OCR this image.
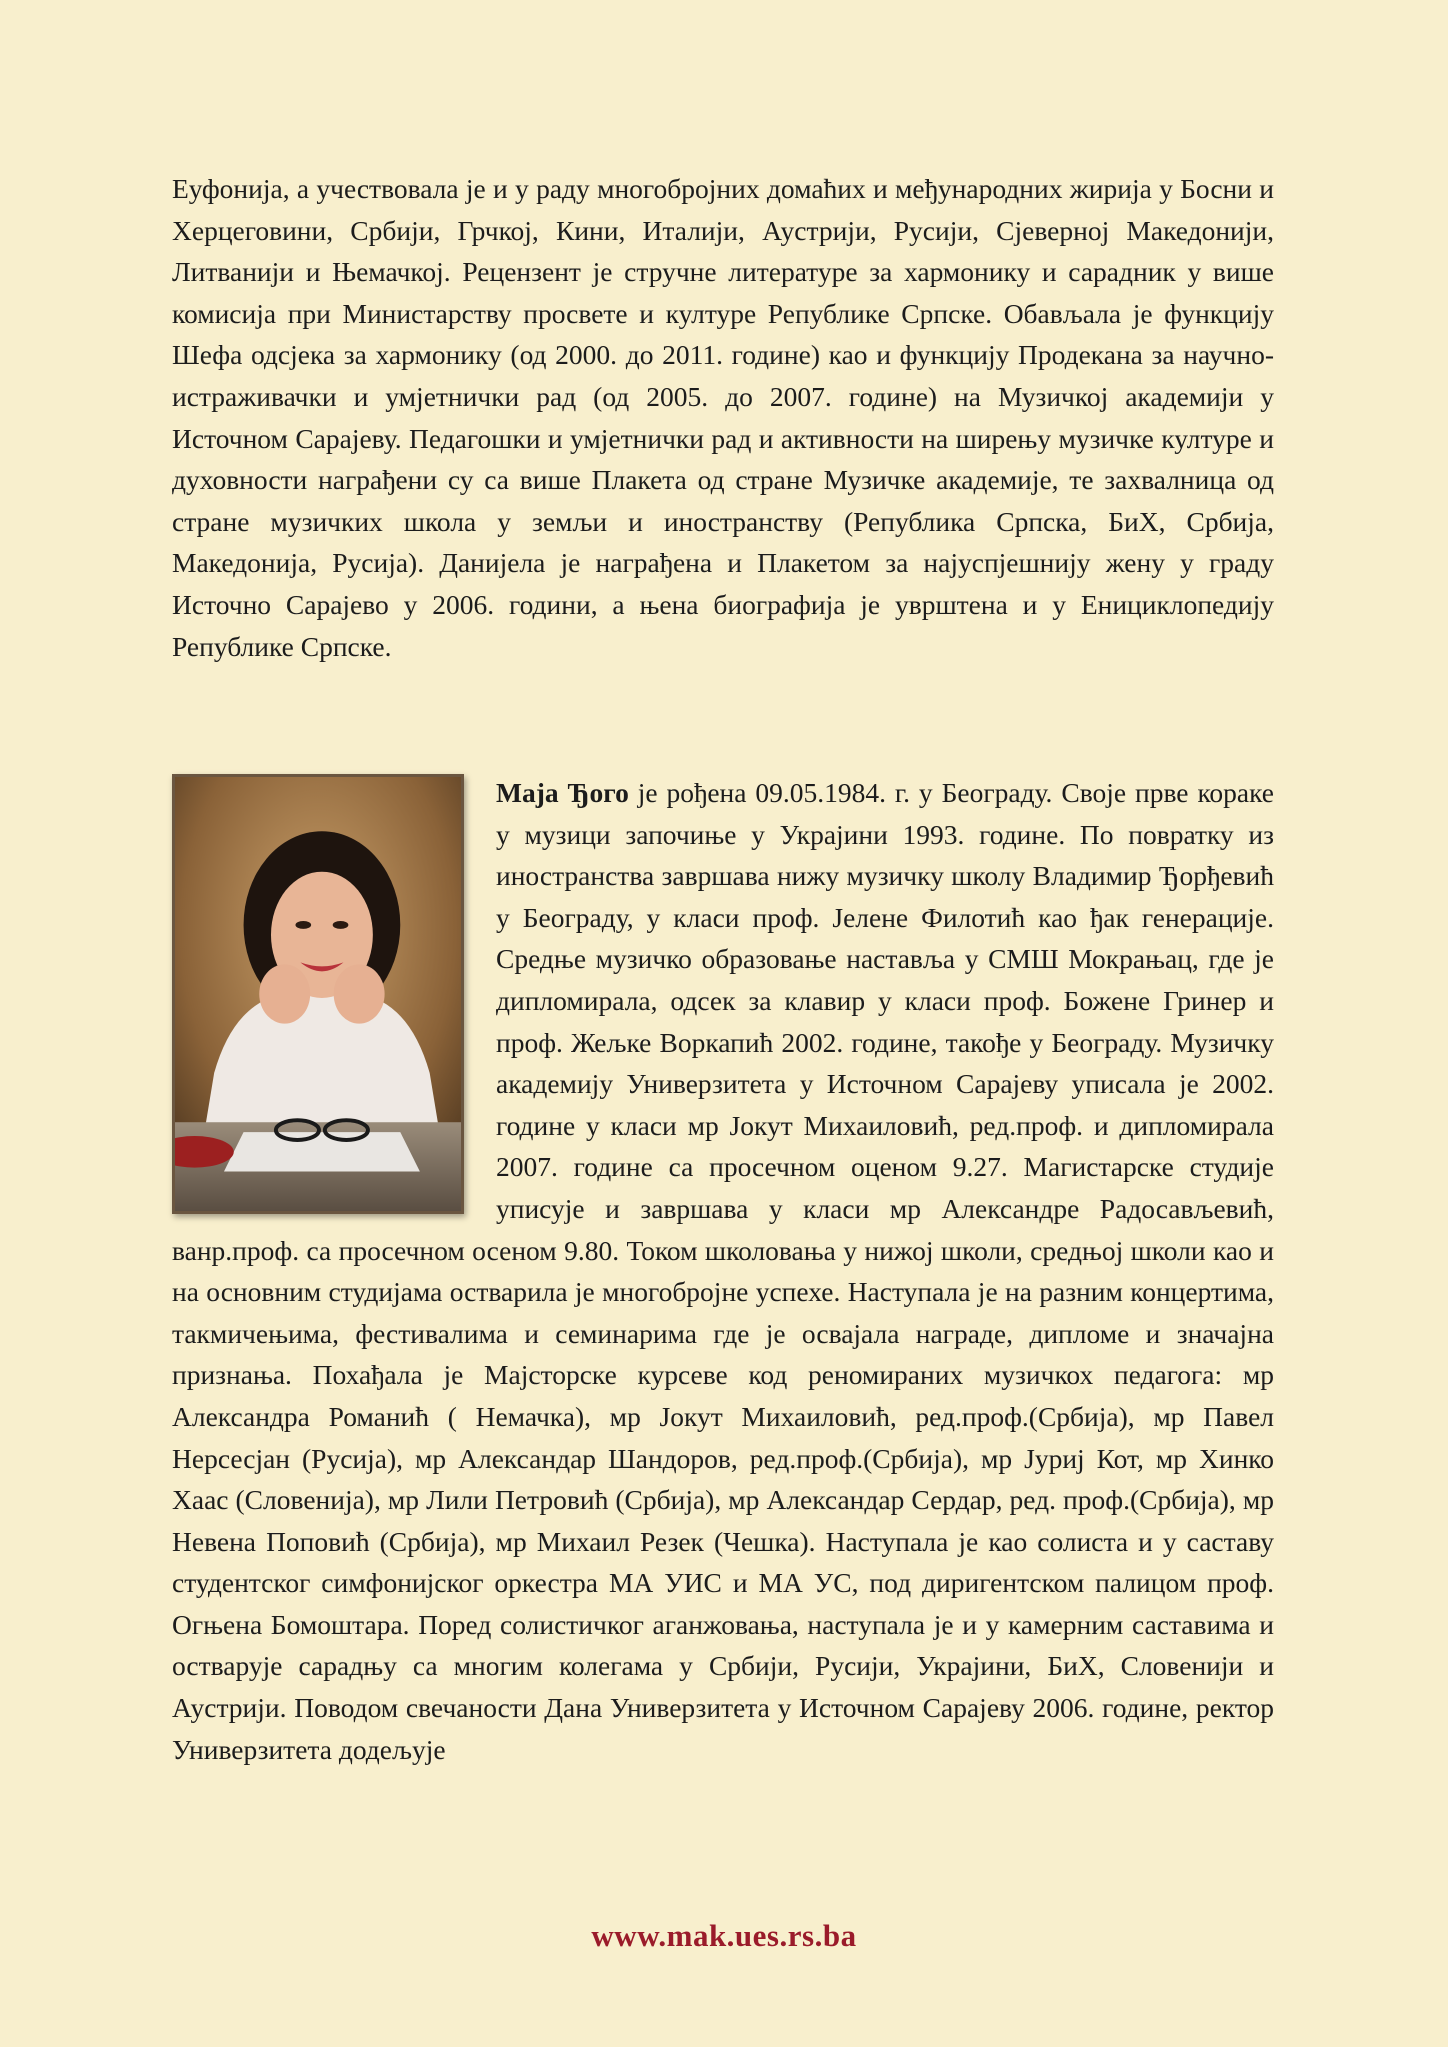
Еуфонија, а учествовала је и у раду многобројних домаћих и међународних жирија у Босни и Херцеговини, Србији, Грчкој, Кини, Италији, Аустрији, Русији, Сјеверној Македонији, Литванији и Њемачкој. Рецензент је стручне литературе за хармонику и сарадник у више комисија при Министарству просвете и културе Републике Српске. Обављала је функцију Шефа одсјека за хармонику (од 2000. до 2011. године) као и функцију Продекана за научно-истраживачки и умјетнички рад (од 2005. до 2007. године) на Музичкој академији у Источном Сарајеву. Педагошки и умјетнички рад и активности на ширењу музичке културе и духовности награђени су са више Плакета од стране Музичке академије, те захвалница од стране музичких школа у земљи и иностранству (Република Српска, БиХ, Србија, Македонија, Русија). Данијела је награђена и Плакетом за најуспјешнију жену у граду Источно Сарајево у 2006. години, а њена биографија је уврштена и у Енициклопедију Републике Српске.

Маја Ђого је рођена 09.05.1984. г. у Београду. Своје прве кораке у музици започиње у Украјини 1993. године. По повратку из иностранства завршава нижу музичку школу Владимир Ђорђевић у Београду, у класи проф. Јелене Филотић као ђак генерације. Средње музичко образовање наставља у СМШ Мокрањац, где је дипломирала, одсек за клавир у класи проф. Божене Гринер и проф. Жељке Воркапић 2002. године, такође у Београду. Музичку академију Универзитета у Источном Сарајеву уписала је 2002. године у класи мр Јокут Михаиловић, ред.проф. и дипломирала 2007. године са просечном оценом 9.27. Магистарске студије уписује и завршава у класи мр Александре Радосављевић, ванр.проф. са просечном осеном 9.80. Током школовања у нижој школи, средњој школи као и на основним студијама остварила је многобројне успехе. Наступала је на разним концертима, такмичењима, фестивалима и семинарима где је освајала награде, дипломе и значајна признања. Похађала је Мајсторске курсеве код реномираних музичкох педагога: мр Александра Романић ( Немачка), мр Јокут Михаиловић, ред.проф.(Србија), мр Павел Нерсесјан (Русија), мр Александар Шандоров, ред.проф.(Србија), мр Јуриј Кот, мр Хинко Хаас (Словенија), мр Лили Петровић (Србија), мр Александар Сердар, ред. проф.(Србија), мр Невена Поповић (Србија), мр Михаил Резек (Чешка). Наступала је као солиста и у саставу студентског симфонијског оркестра МА УИС и МА УС, под диригентском палицом проф. Огњена Бомоштара. Поред солистичког аганжовања, наступала је и у камерним саставима и остварује сарадњу са многим колегама у Србији, Русији, Украјини, БиХ, Словенији и Аустрији. Поводом свечаности Дана Универзитета у Источном Сарајеву 2006. године, ректор Универзитета додељује

www.mak.ues.rs.ba
